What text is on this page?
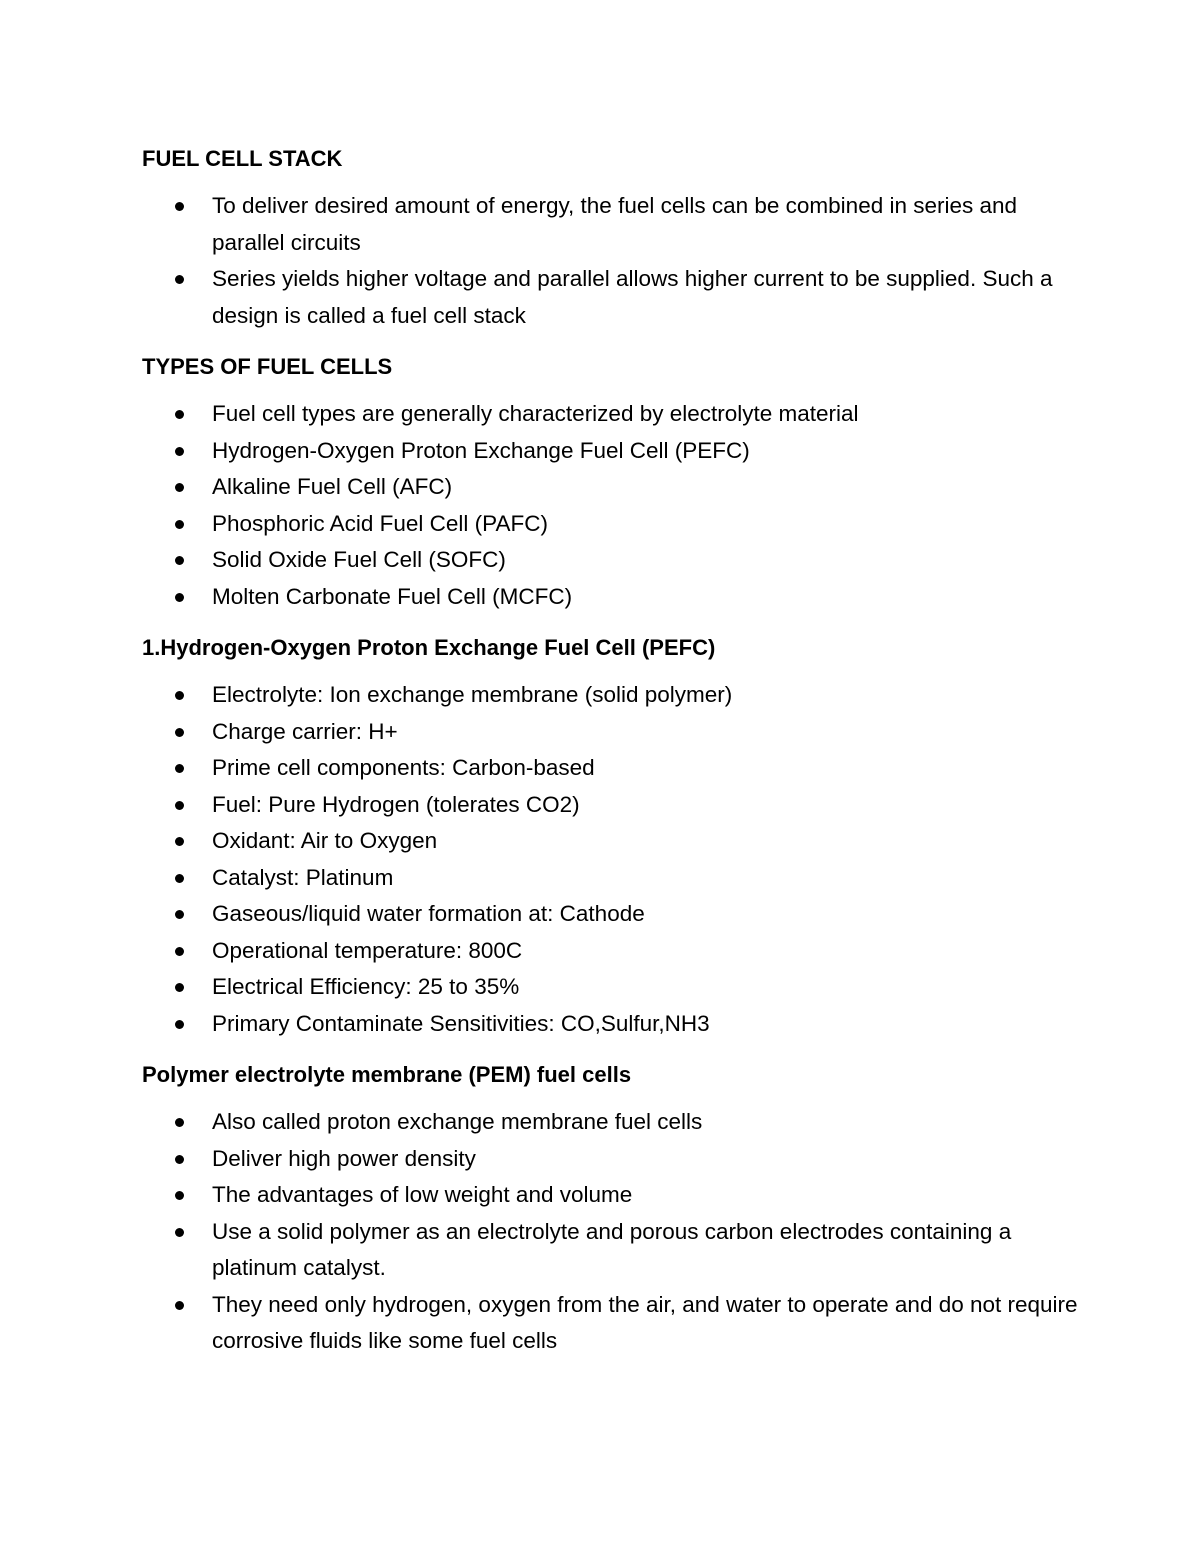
FUEL CELL STACK
To deliver desired amount of energy, the fuel cells can be combined in series and parallel circuits
Series yields higher voltage and parallel allows higher current to be supplied. Such a design is called a fuel cell stack
TYPES OF FUEL CELLS
Fuel cell types are generally characterized by electrolyte material
Hydrogen-Oxygen Proton Exchange Fuel Cell (PEFC)
Alkaline Fuel Cell (AFC)
Phosphoric Acid Fuel Cell (PAFC)
Solid Oxide Fuel Cell (SOFC)
Molten Carbonate Fuel Cell (MCFC)
1.Hydrogen-Oxygen Proton Exchange Fuel Cell (PEFC)
Electrolyte: Ion exchange membrane (solid polymer)
Charge carrier: H+
Prime cell components: Carbon-based
Fuel: Pure Hydrogen (tolerates CO2)
Oxidant: Air to Oxygen
Catalyst: Platinum
Gaseous/liquid water formation at: Cathode
Operational temperature: 800C
Electrical Efficiency: 25 to 35%
Primary Contaminate Sensitivities: CO,Sulfur,NH3
Polymer electrolyte membrane (PEM) fuel cells
Also called proton exchange membrane fuel cells
Deliver high power density
The advantages of low weight and volume
Use a solid polymer as an electrolyte and porous carbon electrodes containing a platinum catalyst.
They need only hydrogen, oxygen from the air, and water to operate and do not require corrosive fluids like some fuel cells
